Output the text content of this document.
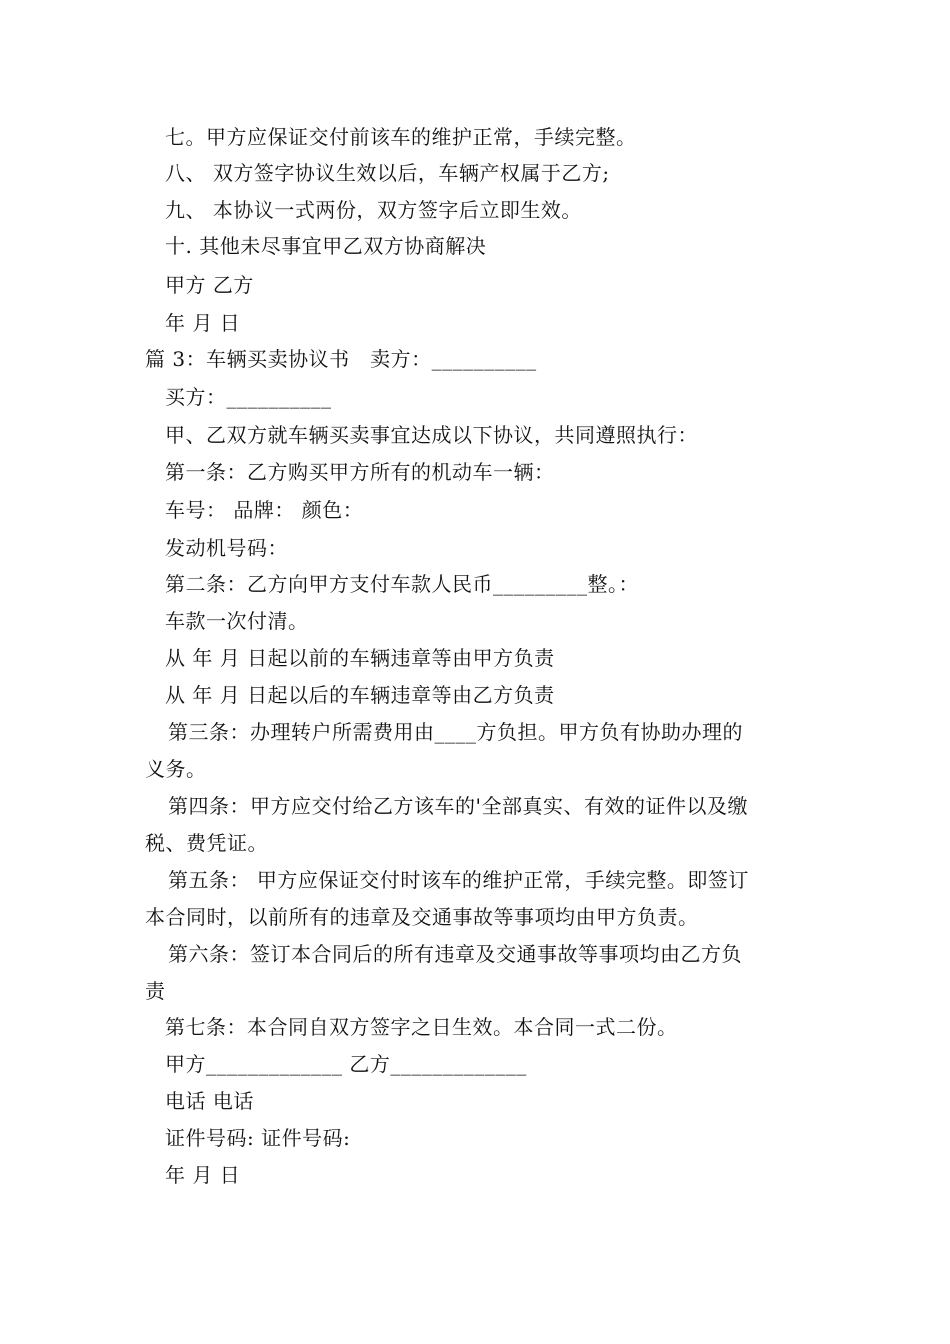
七。甲方应保证交付前该车的维护正常，手续完整。
八、 双方签字协议生效以后，车辆产权属于乙方;
九、 本协议一式两份，双方签字后立即生效。
十. 其他未尽事宜甲乙双方协商解决
甲方 乙方
年 月 日
篇 3：车辆买卖协议书　卖方：__________
买方：__________
甲、乙双方就车辆买卖事宜达成以下协议，共同遵照执行：
第一条：乙方购买甲方所有的机动车一辆：
车号： 品牌： 颜色：
发动机号码：
第二条：乙方向甲方支付车款人民币_________整。：
车款一次付清。
从 年 月 日起以前的车辆违章等由甲方负责
从 年 月 日起以后的车辆违章等由乙方负责
第三条：办理转户所需费用由____方负担。甲方负有协助办理的
义务。
第四条：甲方应交付给乙方该车的'全部真实、有效的证件以及缴
税、费凭证。
第五条： 甲方应保证交付时该车的维护正常，手续完整。即签订
本合同时，以前所有的违章及交通事故等事项均由甲方负责。
第六条：签订本合同后的所有违章及交通事故等事项均由乙方负
责
第七条：本合同自双方签字之日生效。本合同一式二份。
甲方_____________ 乙方_____________
电话 电话
证件号码: 证件号码:
年 月 日
